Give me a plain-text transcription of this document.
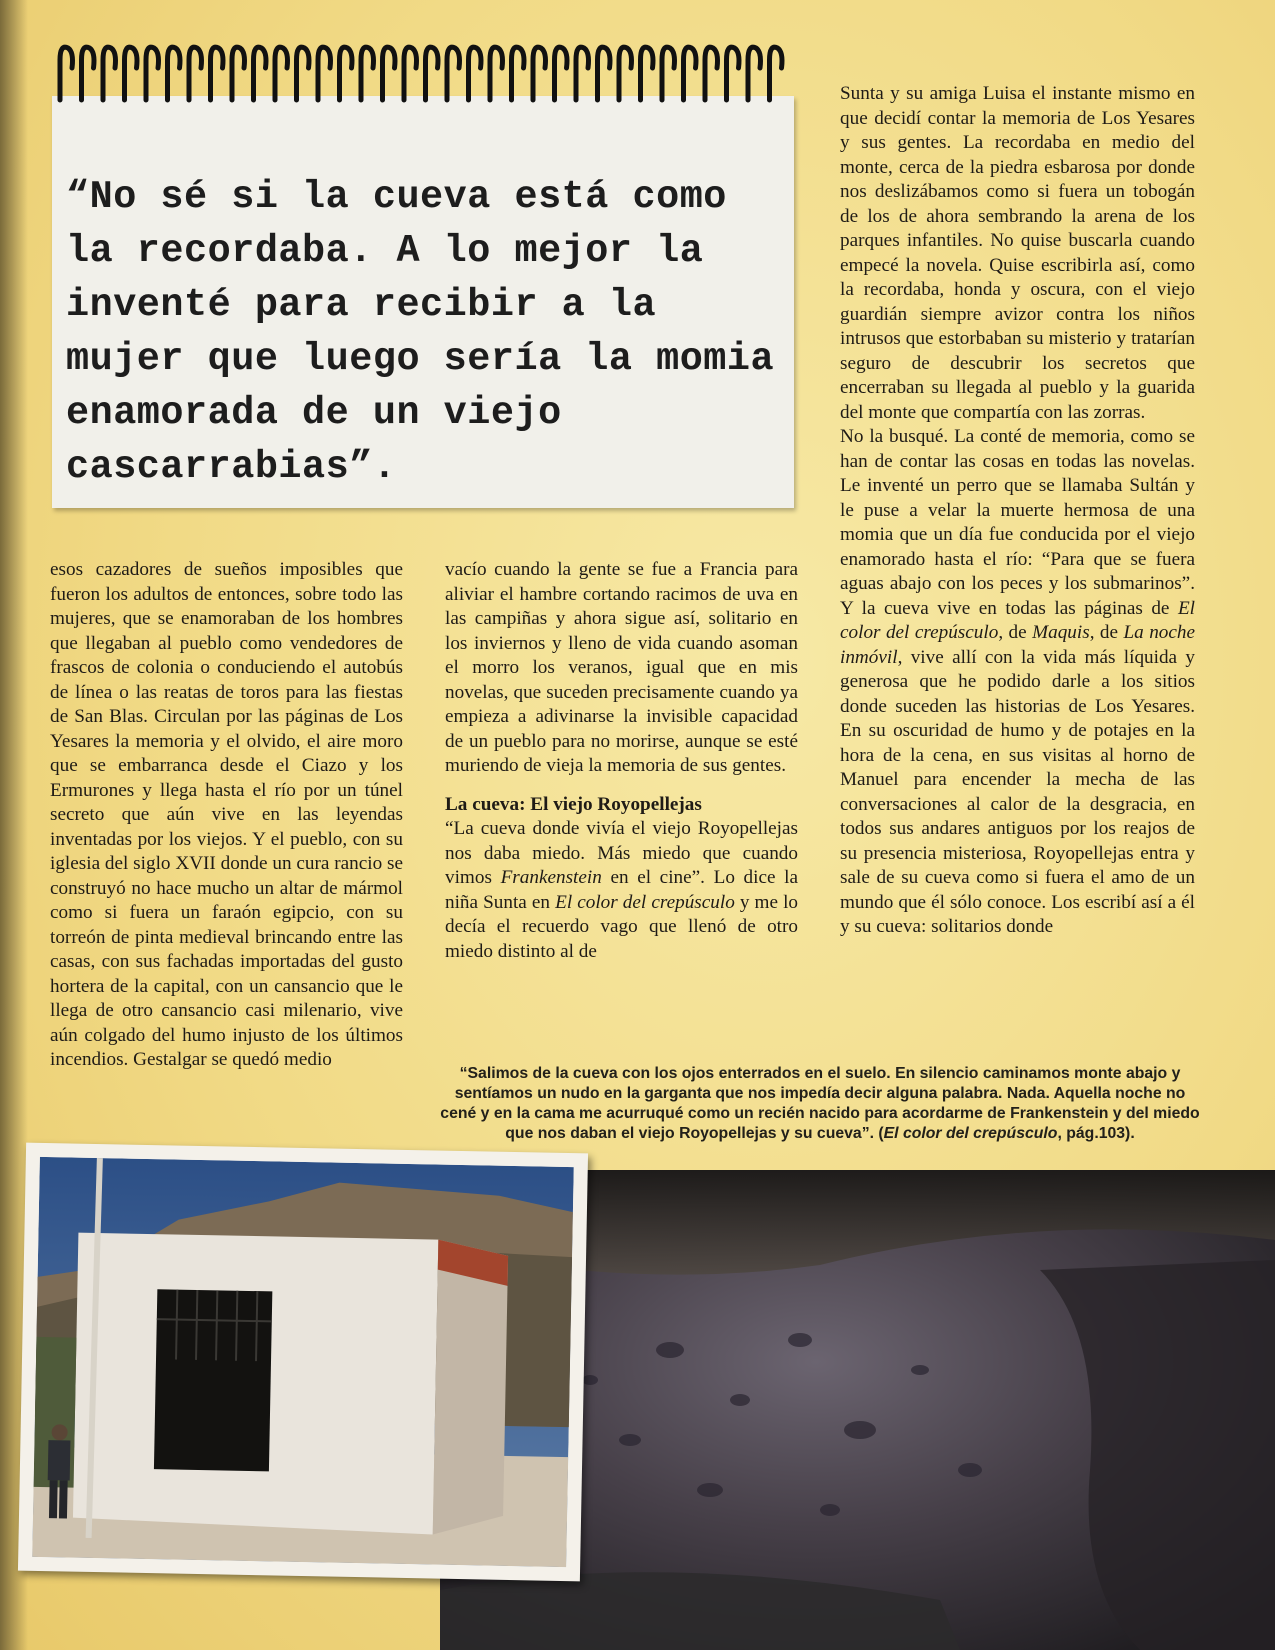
“No sé si la cueva está como la recordaba. A lo mejor la inventé para recibir a la mujer que luego sería la momia enamorada de un viejo cascarrabias”.

Sunta y su amiga Luisa el instante mismo en que decidí contar la memoria de Los Yesares y sus gentes. La recordaba en medio del monte, cerca de la piedra esbarosa por donde nos deslizábamos como si fuera un tobogán de los de ahora sembrando la arena de los parques infantiles. No quise buscarla cuando empecé la novela. Quise escribirla así, como la recordaba, honda y oscura, con el viejo guardián siempre avizor contra los niños intrusos que estorbaban su misterio y tratarían seguro de descubrir los secretos que encerraban su llegada al pueblo y la guarida del monte que compartía con las zorras.

No la busqué. La conté de memoria, como se han de contar las cosas en todas las novelas. Le inventé un perro que se llamaba Sultán y le puse a velar la muerte hermosa de una momia que un día fue conducida por el viejo enamorado hasta el río: “Para que se fuera aguas abajo con los peces y los submarinos”. Y la cueva vive en todas las páginas de El color del crepúsculo, de Maquis, de La noche inmóvil, vive allí con la vida más líquida y generosa que he podido darle a los sitios donde suceden las historias de Los Yesares. En su oscuridad de humo y de potajes en la hora de la cena, en sus visitas al horno de Manuel para encender la mecha de las conversaciones al calor de la desgracia, en todos sus andares antiguos por los reajos de su presencia misteriosa, Royopellejas entra y sale de su cueva como si fuera el amo de un mundo que él sólo conoce. Los escribí así a él y su cueva: solitarios donde

esos cazadores de sueños imposibles que fueron los adultos de entonces, sobre todo las mujeres, que se enamoraban de los hombres que llegaban al pueblo como vendedores de frascos de colonia o conduciendo el autobús de línea o las reatas de toros para las fiestas de San Blas. Circulan por las páginas de Los Yesares la memoria y el olvido, el aire moro que se embarranca desde el Ciazo y los Ermurones y llega hasta el río por un túnel secreto que aún vive en las leyendas inventadas por los viejos. Y el pueblo, con su iglesia del siglo XVII donde un cura rancio se construyó no hace mucho un altar de mármol como si fuera un faraón egipcio, con su torreón de pinta medieval brincando entre las casas, con sus fachadas importadas del gusto hortera de la capital, con un cansancio que le llega de otro cansancio casi milenario, vive aún colgado del humo injusto de los últimos incendios. Gestalgar se quedó medio

vacío cuando la gente se fue a Francia para aliviar el hambre cortando racimos de uva en las campiñas y ahora sigue así, solitario en los inviernos y lleno de vida cuando asoman el morro los veranos, igual que en mis novelas, que suceden precisamente cuando ya empieza a adivinarse la invisible capacidad de un pueblo para no morirse, aunque se esté muriendo de vieja la memoria de sus gentes.

La cueva: El viejo Royopellejas

“La cueva donde vivía el viejo Royopellejas nos daba miedo. Más miedo que cuando vimos Frankenstein en el cine”. Lo dice la niña Sunta en El color del crepúsculo y me lo decía el recuerdo vago que llenó de otro miedo distinto al de

“Salimos de la cueva con los ojos enterrados en el suelo. En silencio caminamos monte abajo y sentíamos un nudo en la garganta que nos impedía decir alguna palabra. Nada. Aquella noche no cené y en la cama me acurruqué como un recién nacido para acordarme de Frankenstein y del miedo que nos daban el viejo Royopellejas y su cueva”. (El color del crepúsculo, pág.103).
